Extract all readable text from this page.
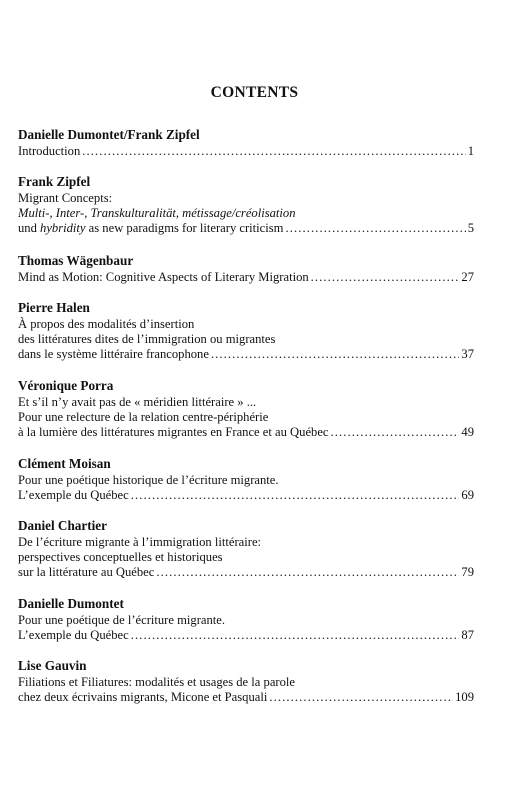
CONTENTS
Danielle Dumontet/Frank Zipfel
Introduction .....	1
Frank Zipfel
Migrant Concepts:
Multi-, Inter-, Transkulturalität, métissage/créolisation
und hybridity as new paradigms for literary criticism .....	5
Thomas Wägenbaur
Mind as Motion: Cognitive Aspects of Literary Migration .....	27
Pierre Halen
À propos des modalités d’insertion
des littératures dites de l’immigration ou migrantes
dans le système littéraire francophone .....	37
Véronique Porra
Et s’il n’y avait pas de « méridien littéraire » ...
Pour une relecture de la relation centre-périphérie
à la lumière des littératures migrantes en France et au Québec .....	49
Clément Moisan
Pour une poétique historique de l’écriture migrante.
L’exemple du Québec .....	69
Daniel Chartier
De l’écriture migrante à l’immigration littéraire:
perspectives conceptuelles et historiques
sur la littérature au Québec .....	79
Danielle Dumontet
Pour une poétique de l’écriture migrante.
L’exemple du Québec .....	87
Lise Gauvin
Filiations et Filiatures: modalités et usages de la parole
chez deux écrivains migrants, Micone et Pasquali .....	109
